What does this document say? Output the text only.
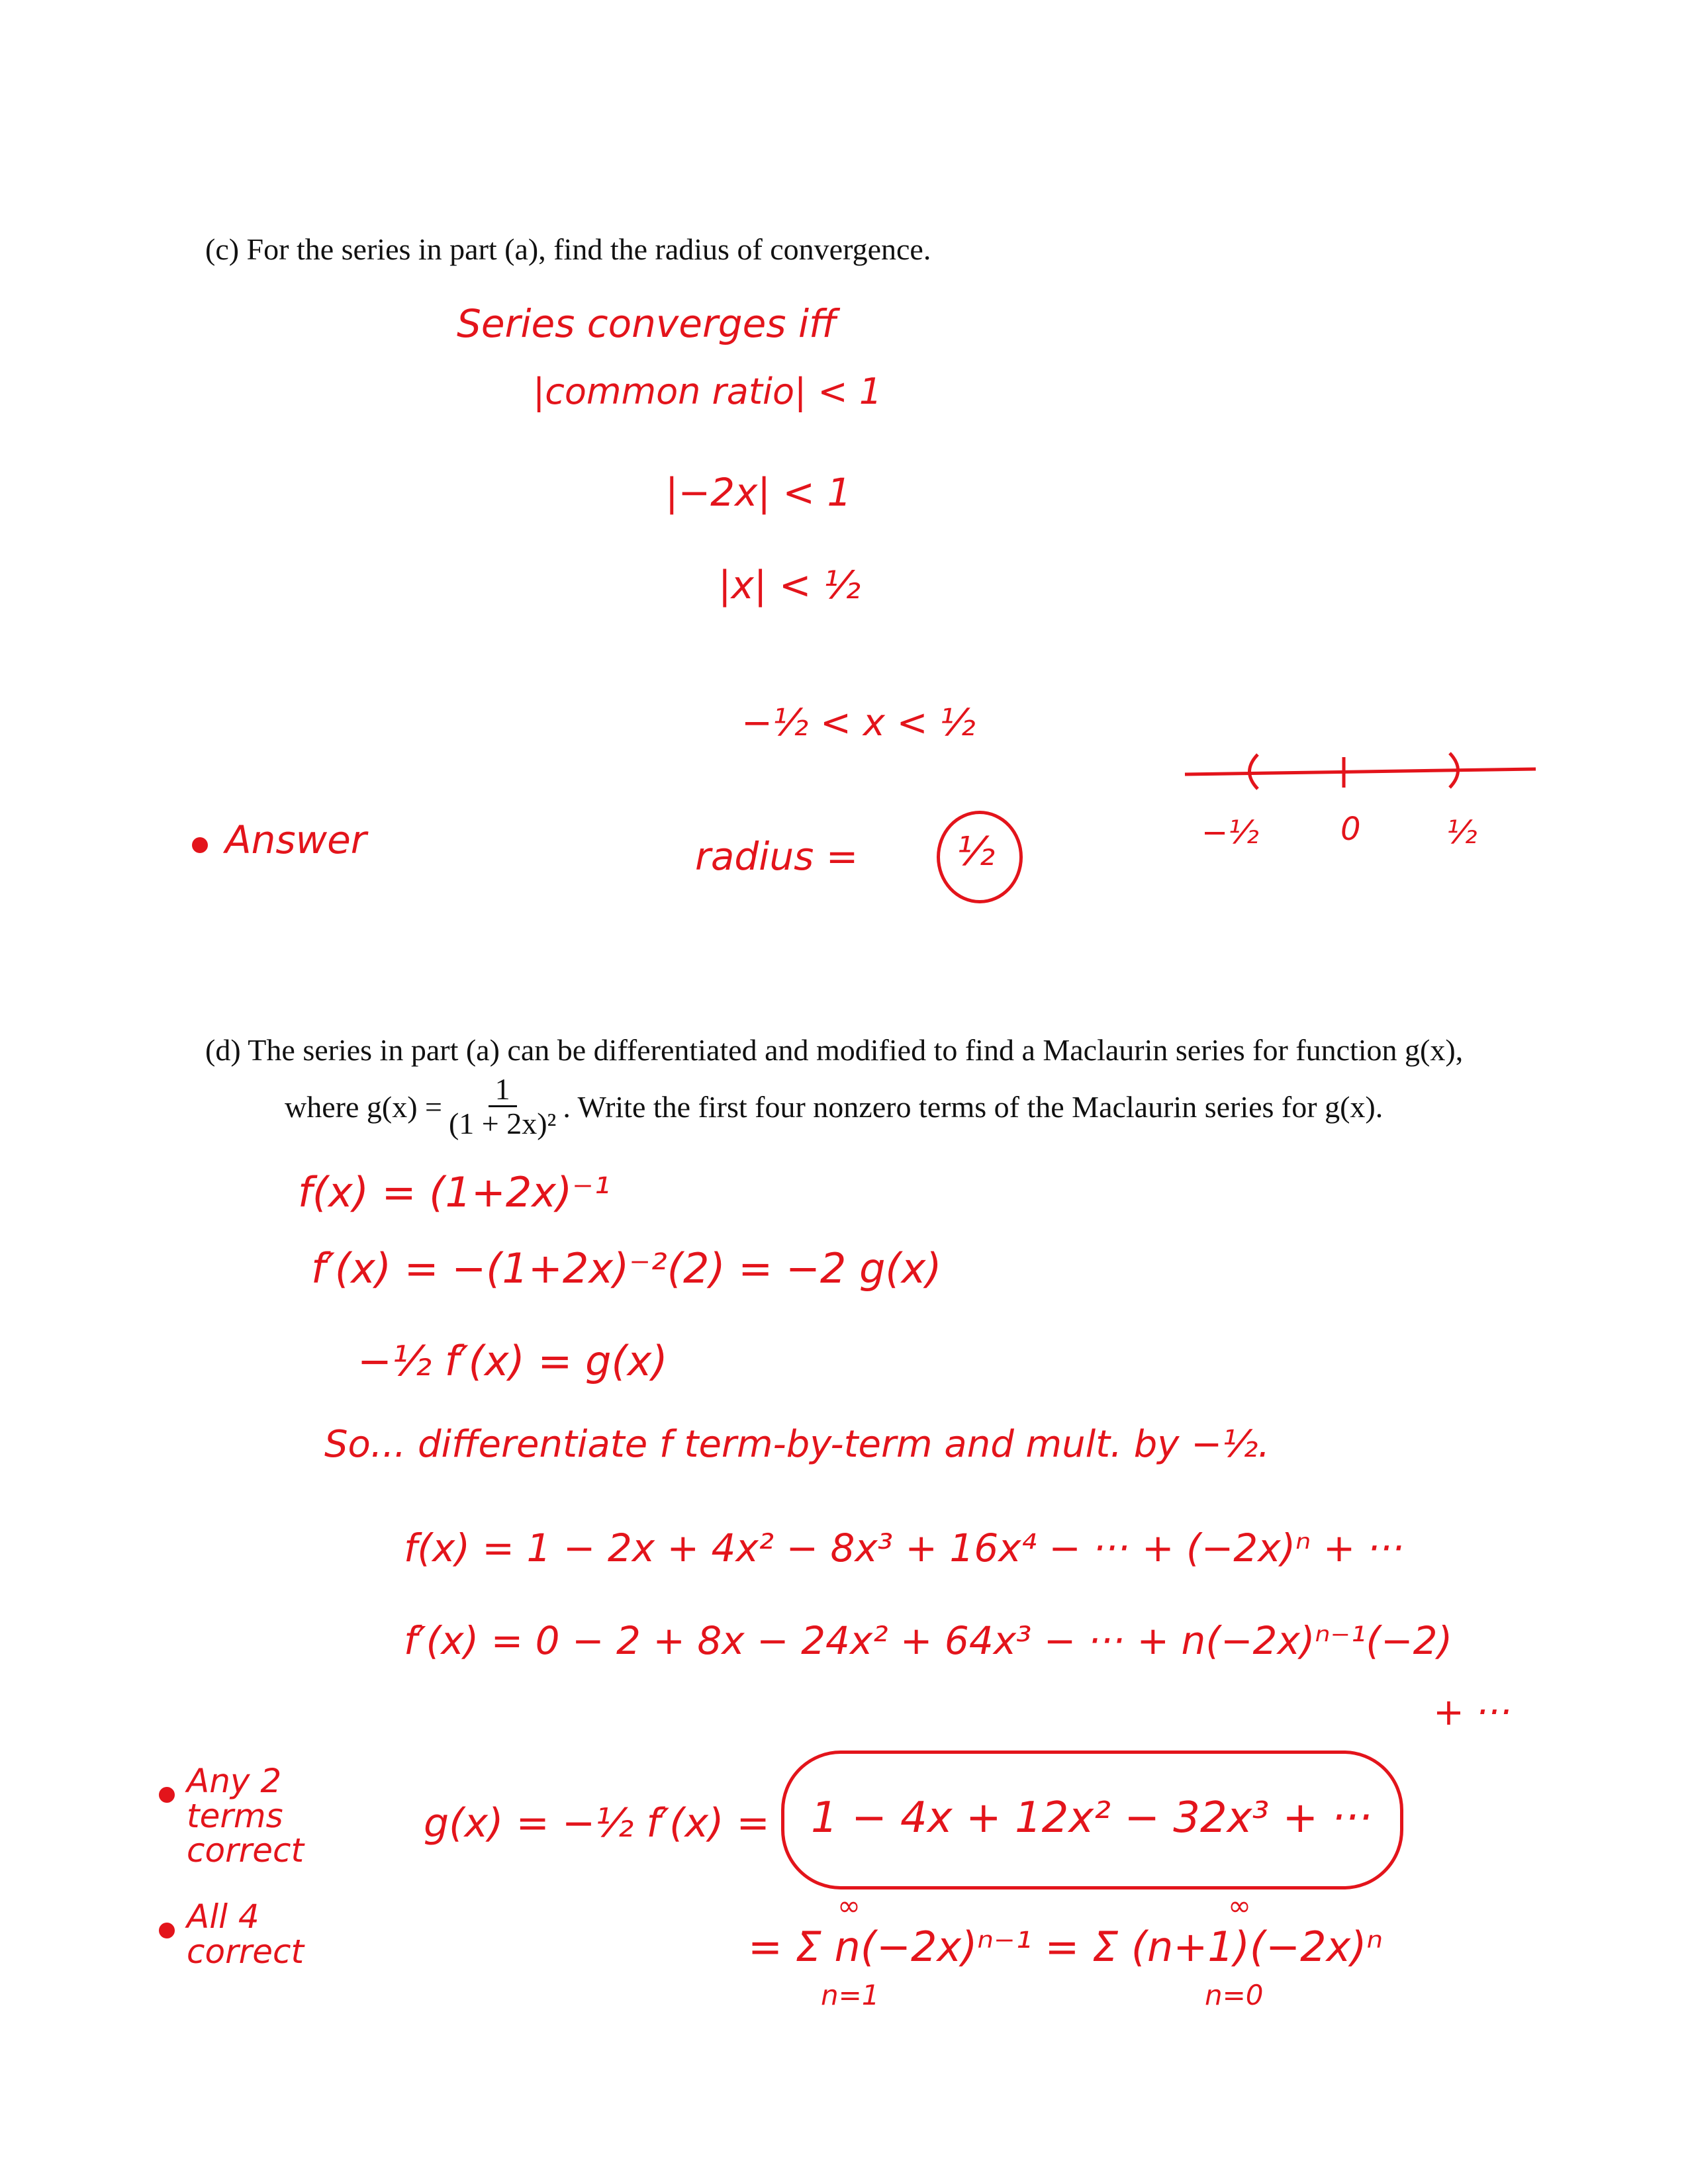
(c) For the series in part (a), find the radius of convergence.
Series converges iff
|common ratio| < 1
|−2x| < 1
|x| < ½
−½ < x < ½
−½	0	½
Answer	radius = ½
(d) The series in part (a) can be differentiated and modified to find a Maclaurin series for function g(x),
where $g(x) = \frac{1}{\text{(1 + 2x)²}}$ . Write the first four nonzero terms of the Maclaurin series for g(x).
f(x) = (1+2x)⁻¹
f′(x) = −(1+2x)⁻²(2) = −2 g(x)
−½ f′(x) = g(x)
So... differentiate f term-by-term and mult. by −½.
f(x) = 1 − 2x + 4x² − 8x³ + 16x⁴ − ··· + (−2x)ⁿ + ···
f′(x) = 0 − 2 + 8x − 24x² + 64x³ − ··· + n(−2x)ⁿ⁻¹(−2)
+ ···
Any 2 terms correct
All 4 correct
g(x) = −½ f′(x) = 1 − 4x + 12x² − 32x³ + ···
∞
= Σ n(−2x)ⁿ⁻¹ = Σ (n+1)(−2x)ⁿ
n=1
∞
n=0
